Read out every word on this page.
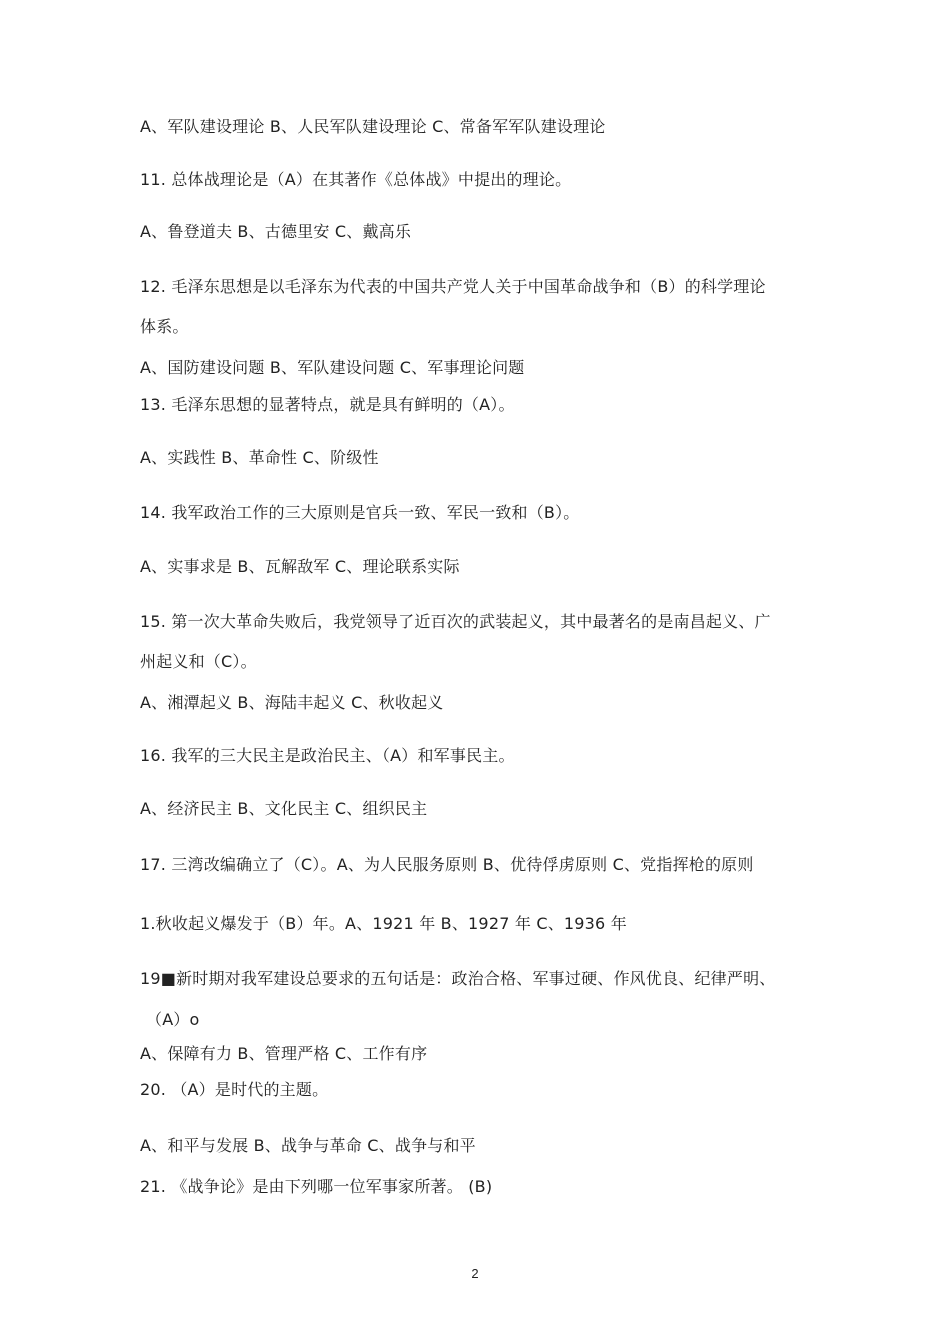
A、军队建设理论 B、人民军队建设理论 C、常备军军队建设理论
11. 总体战理论是（A）在其著作《总体战》中提出的理论。
A、鲁登道夫 B、古德里安 C、戴高乐
12. 毛泽东思想是以毛泽东为代表的中国共产党人关于中国革命战争和（B）的科学理论
体系。
A、国防建设问题 B、军队建设问题 C、军事理论问题
13. 毛泽东思想的显著特点，就是具有鲜明的（A）。
A、实践性 B、革命性 C、阶级性
14. 我军政治工作的三大原则是官兵一致、军民一致和（B）。
A、实事求是 B、瓦解敌军 C、理论联系实际
15. 第一次大革命失败后，我党领导了近百次的武装起义，其中最著名的是南昌起义、广
州起义和（C）。
A、湘潭起义 B、海陆丰起义 C、秋收起义
16. 我军的三大民主是政治民主、（A）和军事民主。
A、经济民主 B、文化民主 C、组织民主
17. 三湾改编确立了（C）。A、为人民服务原则 B、优待俘虏原则 C、党指挥枪的原则
1.秋收起义爆发于（B）年。A、1921 年 B、1927 年 C、1936 年
19■新时期对我军建设总要求的五句话是：政治合格、军事过硬、作风优良、纪律严明、
（A）o
A、保障有力 B、管理严格 C、工作有序
20. （A）是时代的主题。
A、和平与发展 B、战争与革命 C、战争与和平
21. 《战争论》是由下列哪一位军事家所著。 (B)
2
